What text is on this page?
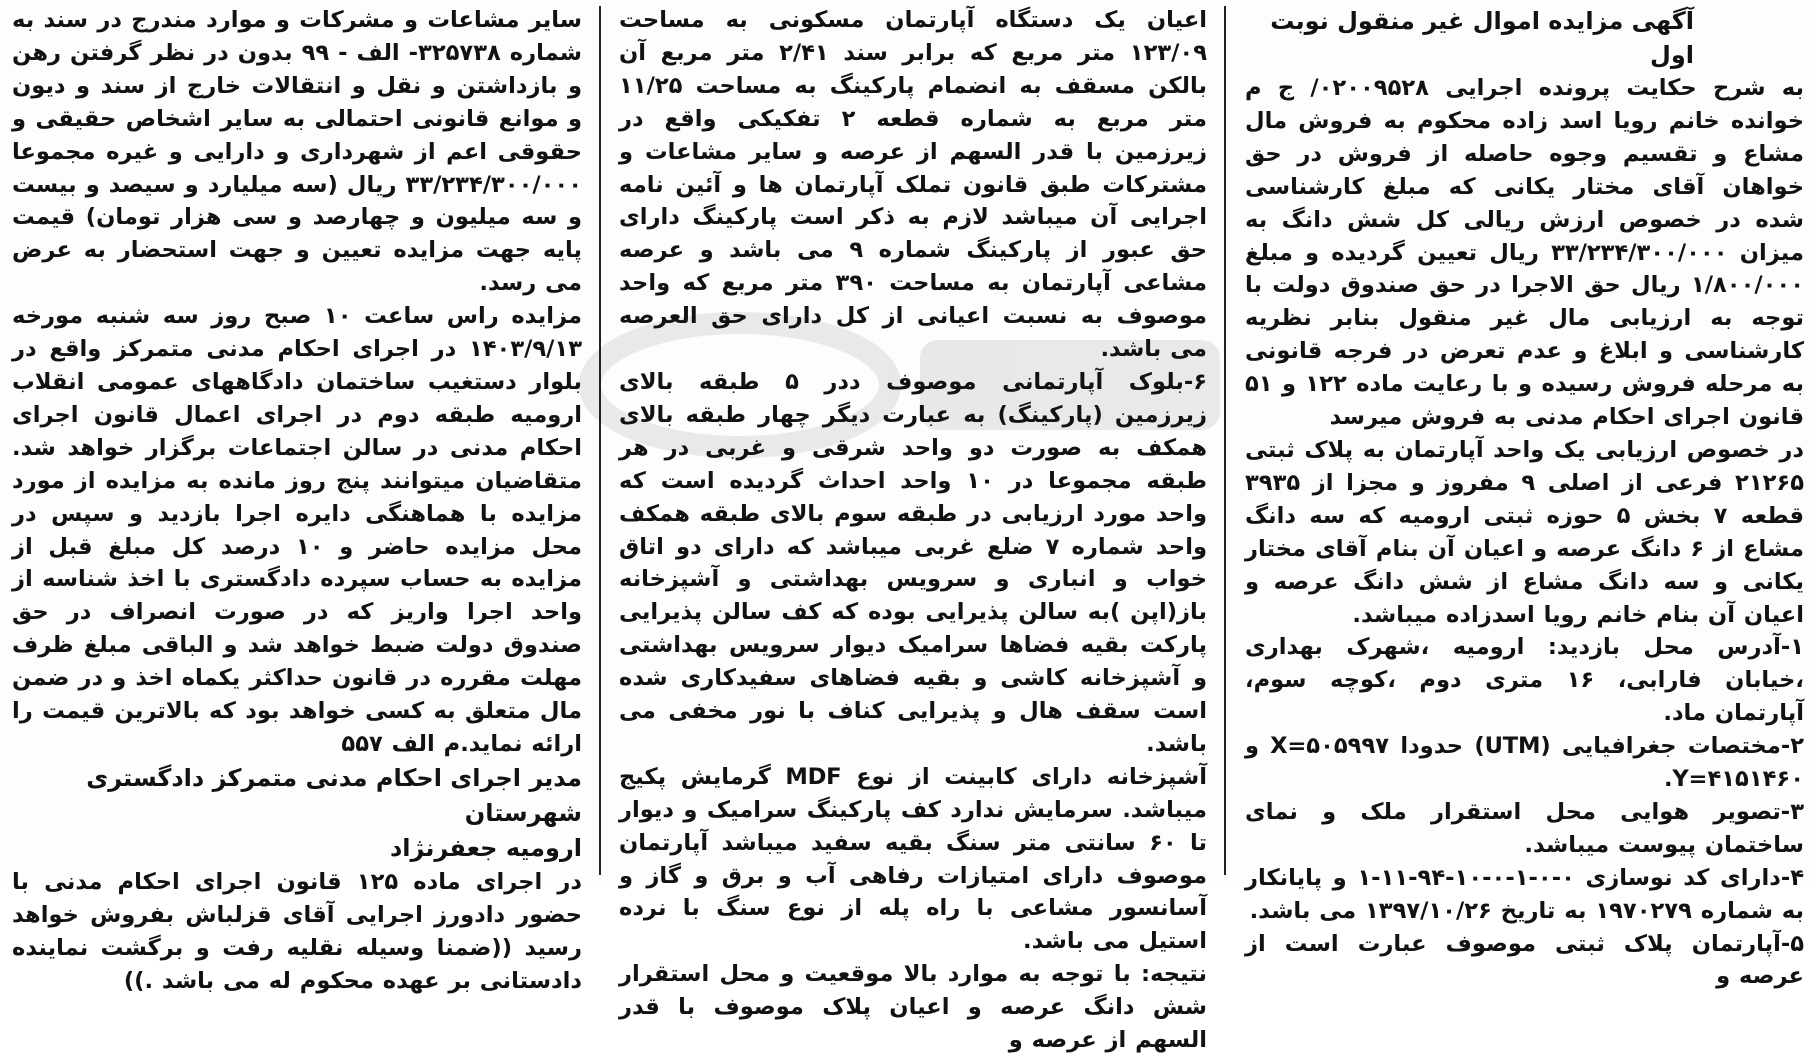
آگهی مزایده اموال غیر منقول نوبت اول

به شرح حکایت پرونده اجرایی ۰۲۰۰۹۵۲۸/ ج م خوانده خانم رویا اسد زاده محکوم به فروش مال مشاع و تقسیم وجوه حاصله از فروش در حق خواهان آقای مختار یکانی که مبلغ کارشناسی شده در خصوص ارزش ریالی کل شش دانگ به میزان ۳۳/۲۳۴/۳۰۰/۰۰۰ ریال تعیین گردیده و مبلغ ۱/۸۰۰/۰۰۰ ریال حق الاجرا در حق صندوق دولت با توجه به ارزیابی مال غیر منقول بنابر نظریه کارشناسی و ابلاغ و عدم تعرض در فرجه قانونی به مرحله فروش رسیده و با رعایت ماده ۱۲۲ و ۵۱ قانون اجرای احکام مدنی به فروش میرسد

در خصوص ارزیابی یک واحد آپارتمان به پلاک ثبتی ۲۱۲۶۵ فرعی از اصلی ۹ مفروز و مجزا از ۳۹۳۵ قطعه ۷ بخش ۵ حوزه ثبتی ارومیه که سه دانگ مشاع از ۶ دانگ عرصه و اعیان آن بنام آقای مختار یکانی و سه دانگ مشاع از شش دانگ عرصه و اعیان آن بنام خانم رویا اسدزاده میباشد.

۱-آدرس محل بازدید: ارومیه ،شهرک بهداری ،خیابان فارابی، ۱۶ متری دوم ،کوچه سوم، آپارتمان ماد.

۲-مختصات جغرافیایی (UTM) حدودا ۵۰۵۹۹۷=X و ۴۱۵۱۴۶۰=Y.

۳-تصویر هوایی محل استقرار ملک و نمای ساختمان پیوست میباشد.

۴-دارای کد نوسازی ۰-۰-۱-۰-۱۰-۹۴-۱۱-۱ و پایانکار به شماره ۱۹۷۰۲۷۹ به تاریخ ۱۳۹۷/۱۰/۲۶ می باشد.

۵-آپارتمان پلاک ثبتی موصوف عبارت است از عرصه و

اعیان یک دستگاه آپارتمان مسکونی به مساحت ۱۲۳/۰۹ متر مربع که برابر سند ۲/۴۱ متر مربع آن بالکن مسقف به انضمام پارکینگ به مساحت ۱۱/۲۵ متر مربع به شماره قطعه ۲ تفکیکی واقع در زیرزمین با قدر السهم از عرصه و سایر مشاعات و مشترکات طبق قانون تملک آپارتمان ها و آئین نامه اجرایی آن میباشد لازم به ذکر است پارکینگ دارای حق عبور از پارکینگ شماره ۹ می باشد و عرصه مشاعی آپارتمان به مساحت ۳۹۰ متر مربع که واحد موصوف به نسبت اعیانی از کل دارای حق العرصه می باشد.

۶-بلوک آپارتمانی موصوف ددر ۵ طبقه بالای زیرزمین (پارکینگ) به عبارت دیگر چهار طبقه بالای همکف به صورت دو واحد شرقی و غربی در هر طبقه مجموعا در ۱۰ واحد احداث گردیده است که واحد مورد ارزیابی در طبقه سوم بالای طبقه همکف واحد شماره ۷ ضلع غربی میباشد که دارای دو اتاق خواب و انباری و سرویس بهداشتی و آشپزخانه باز(اپن )به سالن پذیرایی بوده که کف سالن پذیرایی پارکت بقیه فضاها سرامیک دیوار سرویس بهداشتی و آشپزخانه کاشی و بقیه فضاهای سفیدکاری شده است سقف هال و پذیرایی کناف با نور مخفی می باشد.

آشپزخانه دارای کابینت از نوع MDF گرمایش پکیج میباشد. سرمایش ندارد کف پارکینگ سرامیک و دیوار تا ۶۰ سانتی متر سنگ بقیه سفید میباشد آپارتمان موصوف دارای امتیازات رفاهی آب و برق و گاز و آسانسور مشاعی با راه پله از نوع سنگ با نرده استیل می باشد.

نتیجه: با توجه به موارد بالا موقعیت و محل استقرار شش دانگ عرصه و اعیان پلاک موصوف با قدر السهم از عرصه و

سایر مشاعات و مشرکات و موارد مندرج در سند به شماره ۳۲۵۷۳۸- الف - ۹۹ بدون در نظر گرفتن رهن و بازداشتن و نقل و انتقالات خارج از سند و دیون و موانع قانونی احتمالی به سایر اشخاص حقیقی و حقوقی اعم از شهرداری و دارایی و غیره مجموعا ۳۳/۲۳۴/۳۰۰/۰۰۰ ریال (سه میلیارد و سیصد و بیست و سه میلیون و چهارصد و سی هزار تومان) قیمت پایه جهت مزایده تعیین و جهت استحضار به عرض می رسد.

مزایده راس ساعت ۱۰ صبح روز سه شنبه مورخه ۱۴۰۳/۹/۱۳ در اجرای احکام مدنی متمرکز واقع در بلوار دستغیب ساختمان دادگاههای عمومی انقلاب ارومیه طبقه دوم در اجرای اعمال قانون اجرای احکام مدنی در سالن اجتماعات برگزار خواهد شد. متقاضیان میتوانند پنج روز مانده به مزایده از مورد مزایده با هماهنگی دایره اجرا بازدید و سپس در محل مزایده حاضر و ۱۰ درصد کل مبلغ قبل از مزایده به حساب سپرده دادگستری با اخذ شناسه از واحد اجرا واریز که در صورت انصراف در حق صندوق دولت ضبط خواهد شد و الباقی مبلغ ظرف مهلت مقرره در قانون حداکثر یکماه اخذ و در ضمن مال متعلق به کسی خواهد بود که بالاترین قیمت را ارائه نماید.م الف ۵۵۷

مدیر اجرای احکام مدنی متمرکز دادگستری شهرستان

ارومیه جعفرنژاد

در اجرای ماده ۱۲۵ قانون اجرای احکام مدنی با حضور دادورز اجرایی آقای قزلباش بفروش خواهد رسید ((ضمنا وسیله نقلیه رفت و برگشت نماینده دادستانی بر عهده محکوم له می باشد .))
